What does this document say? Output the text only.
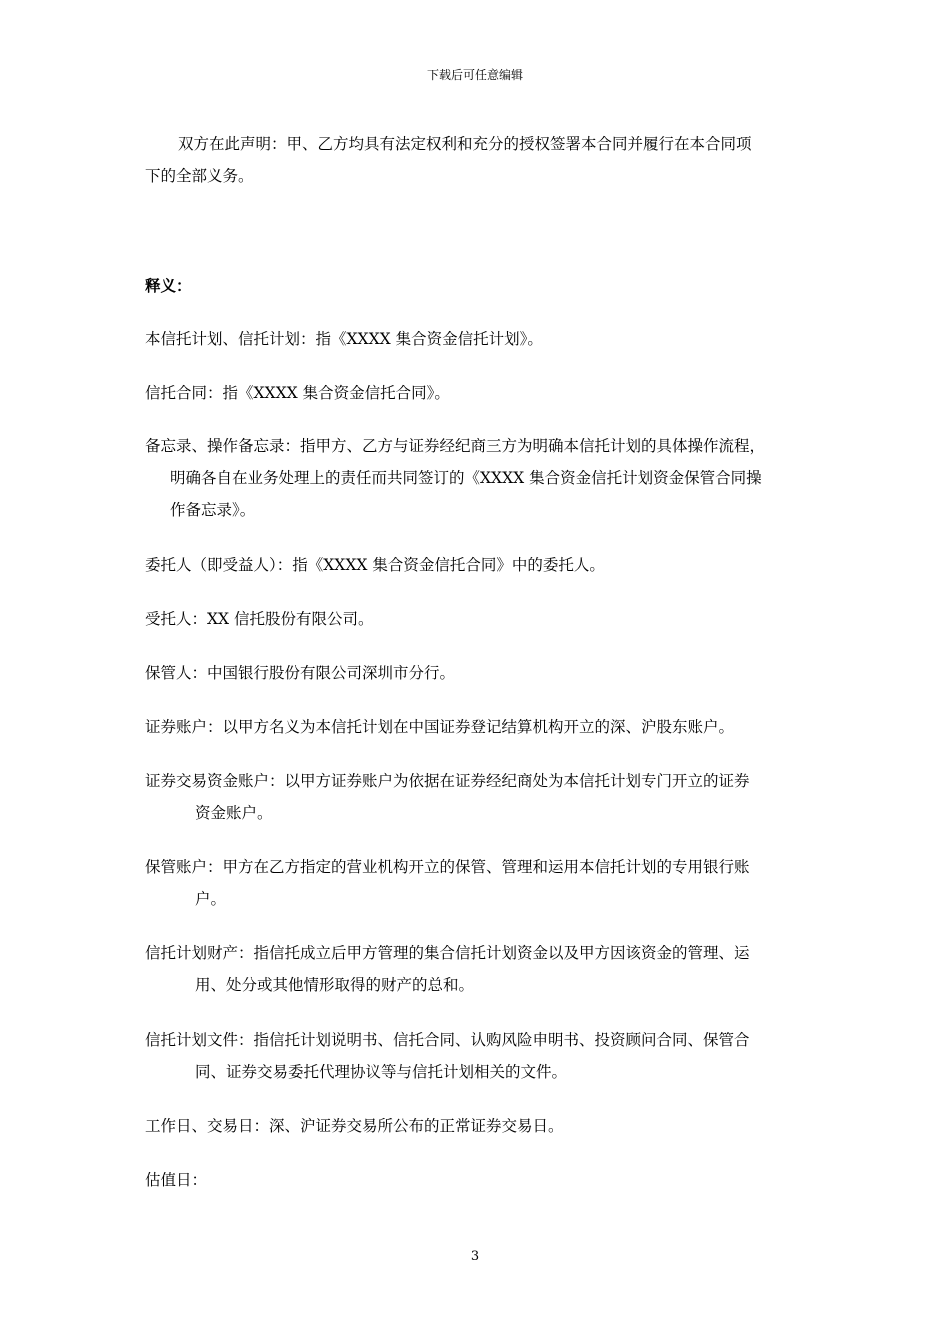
下载后可任意编辑
双方在此声明：甲、乙方均具有法定权利和充分的授权签署本合同并履行在本合同项
下的全部义务。
释义：
本信托计划、信托计划：指《XXXX 集合资金信托计划》。
信托合同：指《XXXX 集合资金信托合同》。
备忘录、操作备忘录：指甲方、乙方与证券经纪商三方为明确本信托计划的具体操作流程，
明确各自在业务处理上的责任而共同签订的《XXXX 集合资金信托计划资金保管合同操
作备忘录》。
委托人（即受益人）：指《XXXX 集合资金信托合同》中的委托人。
受托人：XX 信托股份有限公司。
保管人：中国银行股份有限公司深圳市分行。
证券账户：以甲方名义为本信托计划在中国证券登记结算机构开立的深、沪股东账户。
证券交易资金账户：以甲方证券账户为依据在证券经纪商处为本信托计划专门开立的证券
资金账户。
保管账户：甲方在乙方指定的营业机构开立的保管、管理和运用本信托计划的专用银行账
户。
信托计划财产：指信托成立后甲方管理的集合信托计划资金以及甲方因该资金的管理、运
用、处分或其他情形取得的财产的总和。
信托计划文件：指信托计划说明书、信托合同、认购风险申明书、投资顾问合同、保管合
同、证券交易委托代理协议等与信托计划相关的文件。
工作日、交易日：深、沪证券交易所公布的正常证券交易日。
估值日：
3
